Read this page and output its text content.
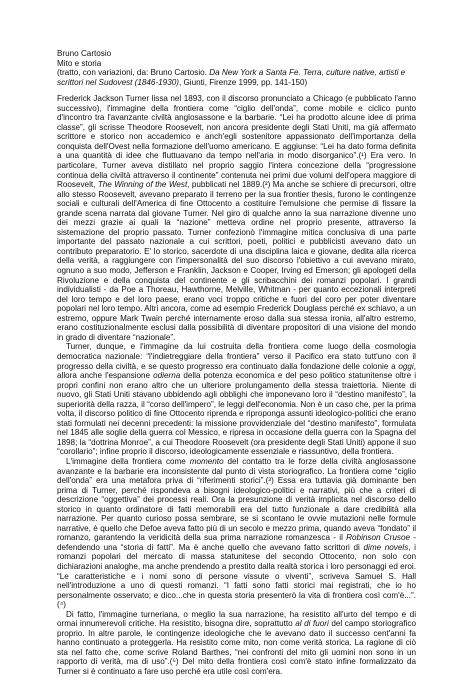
Bruno Cartosio
Mito e storia
(tratto, con variazioni, da: Bruno Cartosio. Da New York a Santa Fe. Terra, culture native, artisti e scrittori nel Sudovest (1846-1930), Giunti, Firenze 1999, pp. 141-150)

Frederick Jackson Turner lissa nel 1893, con il discorso pronunciato a Chicago (e pubblicato l'anno successivo), l'immagine della frontiera come “ciglio dell'onda”, come mobile e ciclico punto d'incontro tra l'avanzante civiltà anglosassone e la barbarie. “Lei ha prodotto alcune idee di prima classe”, gli scrisse Theodore Roosevelt, non ancora presidente degli Stati Uniti, ma già affermato scrittore e storico non accademico e anch'egli sostenitore appassionato dell'importanza della conquista dell'Ovest nella formazione dell'uomo americano. E aggiunse: “Lei ha dato forma definita a una quantità di idee che fluttuavano da tempo nell'aria in modo disorganico”.(¹) Era vero. In particolare, Turner aveva distillato nel proprio saggio l'intera concezione della “progressione continua della civiltà attraverso il continente” contenuta nei primi due volumi dell'opera maggiore di Roosevelt, The Winning of the West, pubblicati nel 1889.(²) Ma anche se schiere di precursori, oltre allo stesso Roosevelt, avevano preparato il terreno per la sua frontier thesis, furono le contingenze sociali e culturali dell'America di fine Ottocento a costituire l'emulsione che permise di fissare la grande scena narrata dal giovane Turner. Nel giro di qualche anno la sua narrazione divenne uno dei mezzi grazie ai quali la “nazione” mettevа ordine nel proprio presente, attraverso la sistemazione del proprio passato. Turner confezionò l'immagine mitica conclusiva di una parte importante del passato nazionale a cui scrittori, poeti, politici e pubblicisti avevano dato un contributo preparatorio. E' lo storico, sacerdote di una disciplina laica e giovane, dedita alla ricerca della verità, a raggiungere con l'impersonalità del suo discorso l'obiettivo a cui avevano mirato, ognuno a suo modo, Jefferson e Franklin, Jackson e Cooper, Irving ed Emerson; gli apologeti della Rivoluzione e della conquista del continente e gli scribacchini dei romanzi popolari. I grandi individualisti - da Poe a Thoreau, Hawthorne, Melville, Whitman - per quanto eccezionali interpreti del loro tempo e del loro paese, erano voci troppo critiche e fuori del coro per poter diventare popolari nel loro tempo. Altri ancora, come ad esempio Frederick Douglass perché ex schiavo, a un estremo, oppure Mark Twain perché internamente eroso dalla sua stessa ironia, all'altro estremo, erano costituzionalmente esclusi dalla possibilità di diventare propositori di una visione del mondo in grado di diventare “nazionale”.

Turner, dunque, e l'immagine da lui costruita della frontiera come luogo della cosmologia democratica nazionale: “l'indietreggiare della frontiera” verso il Pacifico era stato tutt'uno con il progresso della civiltà, e se questo progresso era continuato dalla fondazione delle colonie a oggi, allora anche l'espansione odierna della potenza economica e del peso politico statunitense oltre i propri confini non erano altro che un ulteriore prolungamento della stessa traiettoria. Niente di nuovo, gli Stati Uniti stavano ubbidendo agli obblighi che imponevano loro il “destino manifesto”, la superiorità della razza, il “corso dell'impero”, le leggi dell'economia. Non è un caso che, per la prima volta, il discorso politico di fine Ottocento riprenda e riproponga assunti ideologico-politici che erano stati formulati nei decenni precedenti: la missione provvidenziale del “destino manifesto”, formulata nel 1845 alle soglie della guerra col Messico, e ripresa in occasione della guerra con la Spagna del 1898; la “dottrina Monroe”, a cui Theodore Roosevelt (ora presidente degli Stati Uniti) appone il suo “corollario”; infine proprio il discorso, ideologicamente essenziale e riassuntivo, della frontiera.

L'immagine della frontiera come momento del contatto tra le forze della civiltà anglosassone avanzante e la barbarie era inconsistente dal punto di vista storiografico. La frontiera come “ciglio dell'onda” era una metafora priva di “riferimenti storici”.(³) Essa era tuttavia già dominante ben prima di Turner, perché rispondeva a bisogni ideologico-politici e narrativi, più che a criteri di descrizione “oggettiva” dei processi reali. Ora la presunzione di verità implicita nel discorso dello storico in quanto ordinatore di fatti memorabili era del tutto funzionale a dare credibilità alla narrazione. Per quanto curioso possa sembrare, se si scontano le ovvie mutazioni nelle formule narrative, è quello che Defoe aveva fatto più di un secolo e mezzo prima, quando aveva “fondato” il romanzo, garantendo la veridicità della sua prima narrazione romanzesca - il Robinson Crusoe - defendendo una “storia di fatti”. Ma è anche quello che avevano fatto scrittori di dime novels, i romanzi popolari del mercato di massa statunitese del secondo Ottocento, non solo con dichiarazioni analoghe, ma anche prendendo a prestito dalla realtà storica i loro personaggi ed eroi. “Le caratteristiche e i nomi sono di persone vissute o viventi”, scriveva Samuel S. Hall nell'introduzione a uno di questi romanzi. “I fatti sono fatti storici mai registrati, che io ho personalmente osservato; e dico...che in questa storia presenterò la vita di frontiera così com'è...”.(⁴)

Di fatto, l'immagine turneriana, o meglio la sua narrazione, ha resistito all'urto del tempo e di ormai innumerevoli critiche. Ha resistito, bisogna dire, soprattutto al di fuori del campo storiografico proprio. In altre parole, le contingenze ideologiche che le avevano dato il successo cent'anni fa hanno continuato a proteggerla. Ha resistito come mito, non come verità storica. La ragione di ciò sta nel fatto che, come scrive Roland Barthes, “nei confronti del mito gli uomini non sono in un rapporto di verità, ma di uso”.(⁵) Del mito della frontiera così com'è stato infine formalizzato da Turner si è continuato a fare uso perché era utile così com'era.
